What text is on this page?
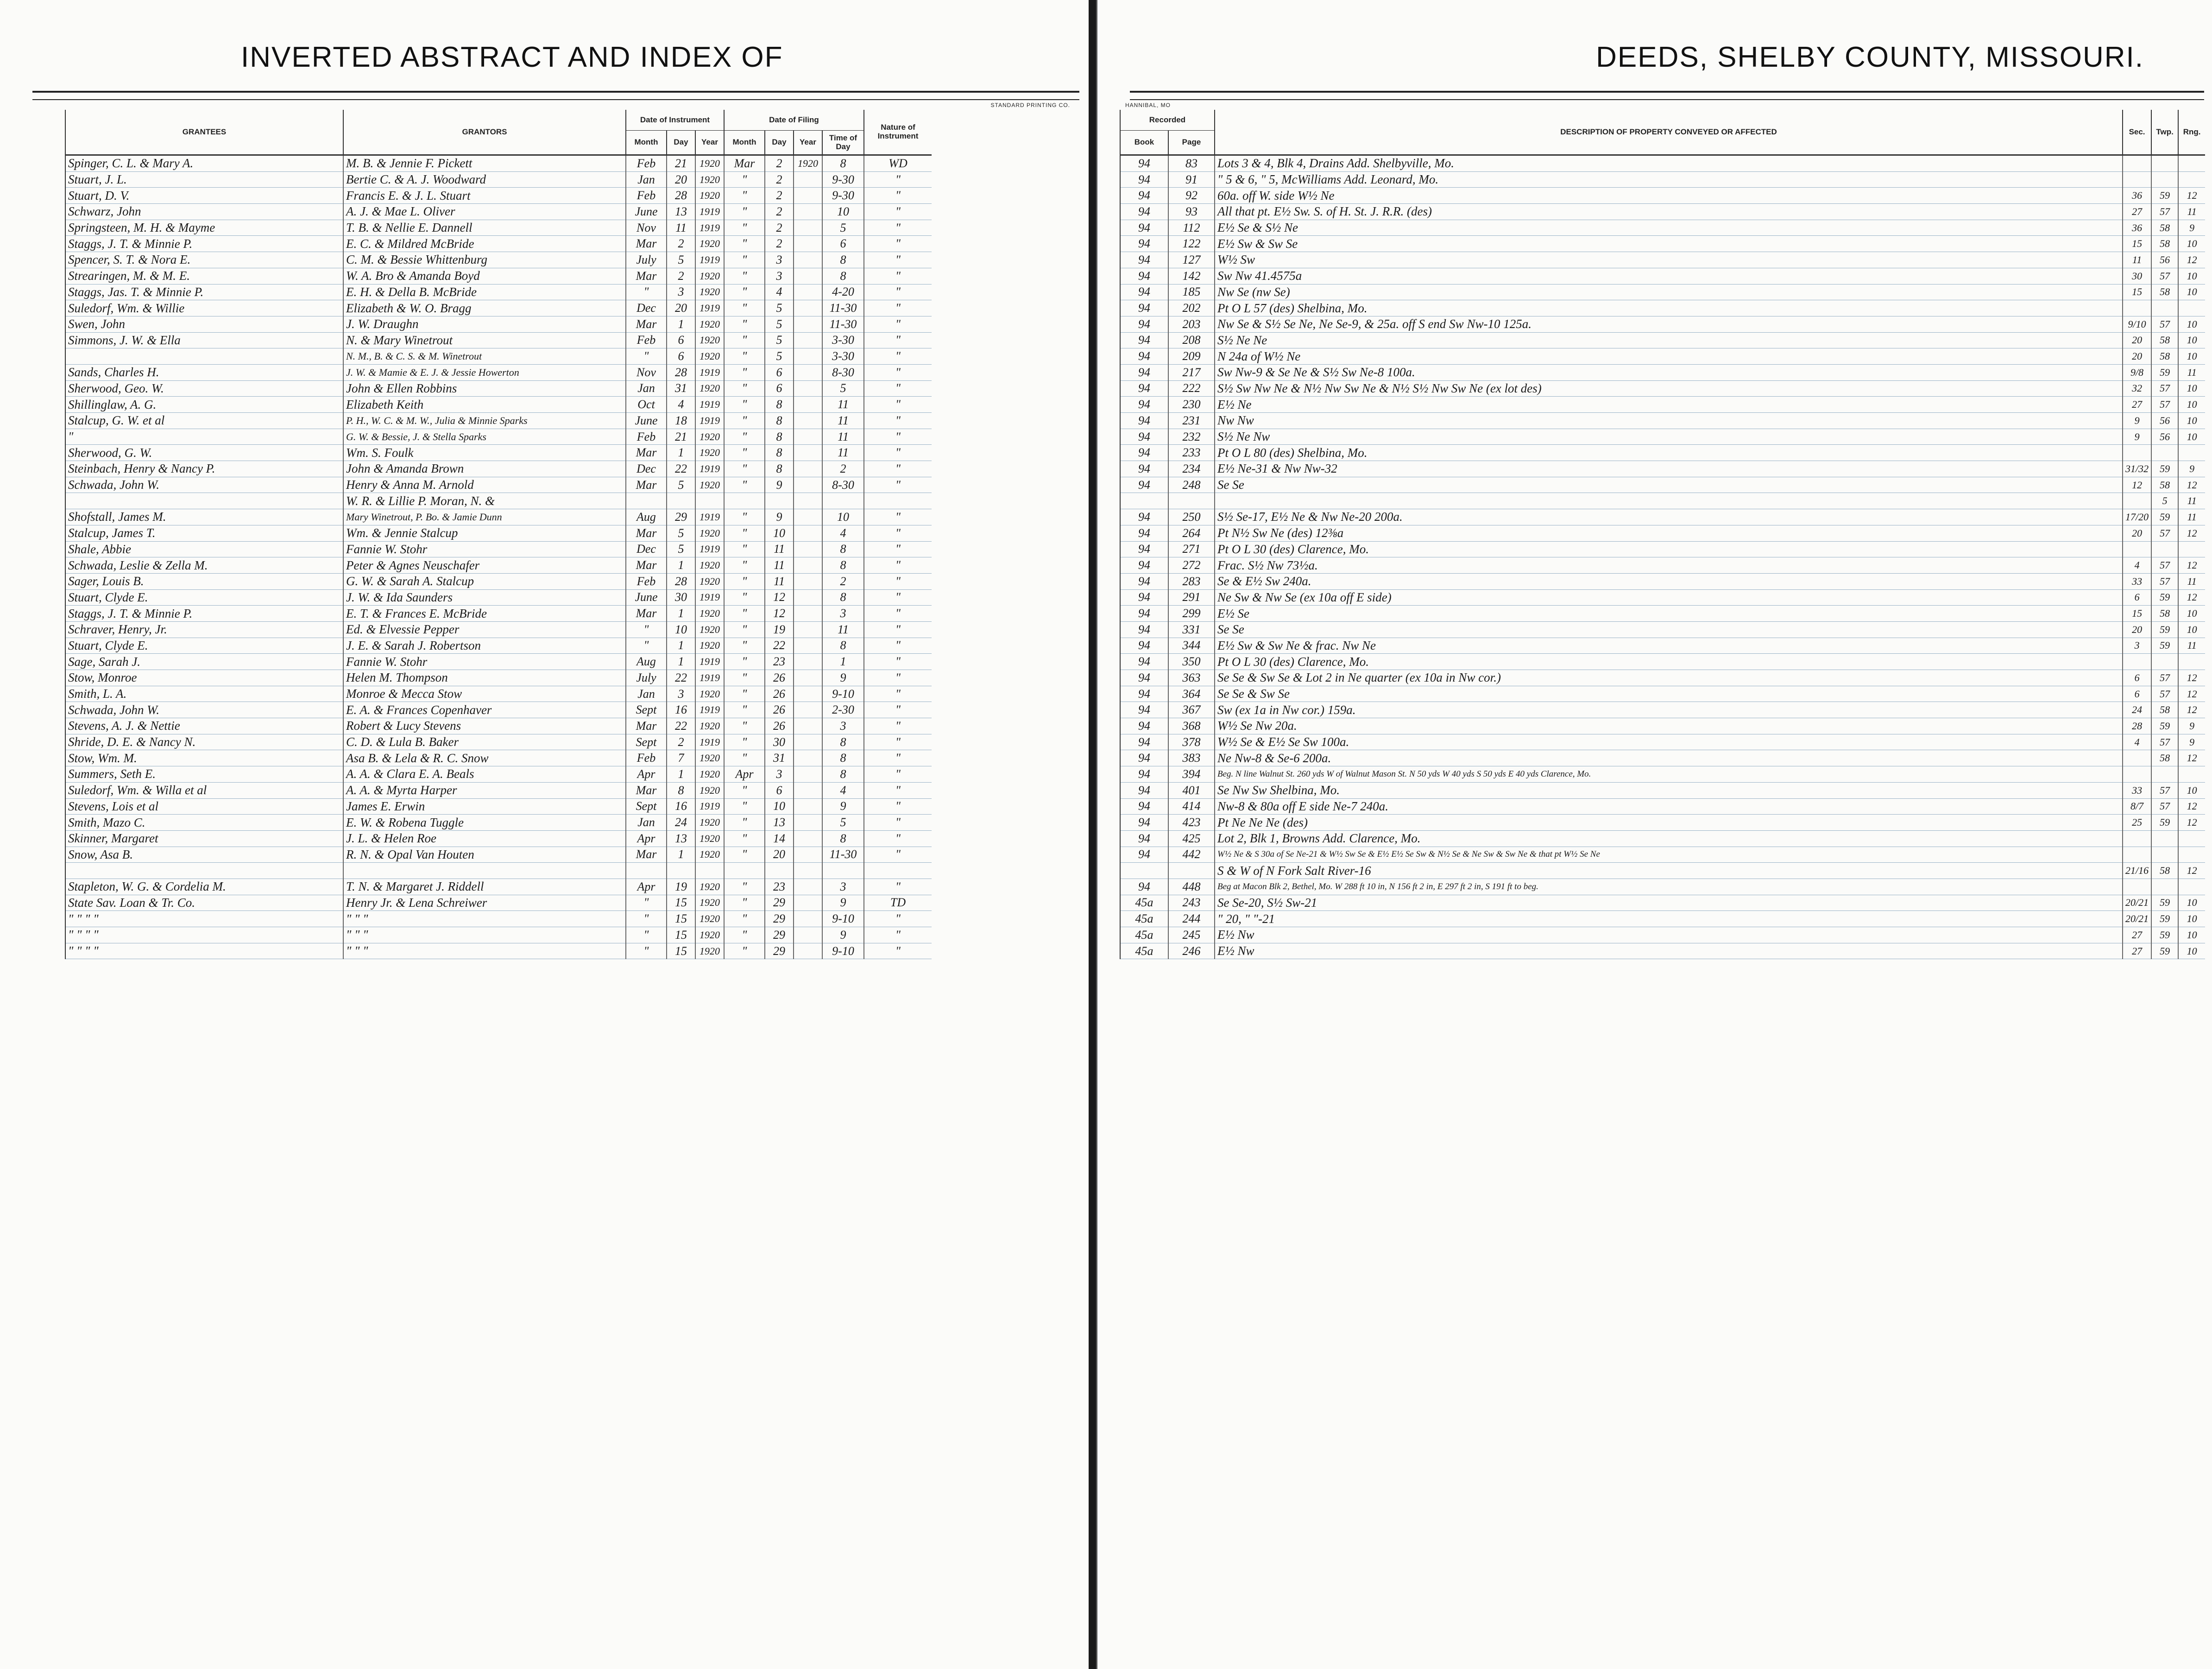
INVERTED ABSTRACT AND INDEX OF
STANDARD PRINTING CO.
GRANTEES	GRANTORS	Date of Instrument			Date of Filing				Nature of Instrument
		Month	Day	Year	Month	Day	Year	Time of Day	
Spinger, C. L. & Mary A.	M. B. & Jennie F. Pickett	Feb	21	1920	Mar	2	1920	8	WD
Stuart, J. L.	Bertie C. & A. J. Woodward	Jan	20	1920	"	2		9-30	"
Stuart, D. V.	Francis E. & J. L. Stuart	Feb	28	1920	"	2		9-30	"
Schwarz, John	A. J. & Mae L. Oliver	June	13	1919	"	2		10	"
Springsteen, M. H. & Mayme	T. B. & Nellie E. Dannell	Nov	11	1919	"	2		5	"
Staggs, J. T. & Minnie P.	E. C. & Mildred McBride	Mar	2	1920	"	2		6	"
Spencer, S. T. & Nora E.	C. M. & Bessie Whittenburg	July	5	1919	"	3		8	"
Strearingen, M. & M. E.	W. A. Bro & Amanda Boyd	Mar	2	1920	"	3		8	"
Staggs, Jas. T. & Minnie P.	E. H. & Della B. McBride	"	3	1920	"	4		4-20	"
Suledorf, Wm. & Willie	Elizabeth & W. O. Bragg	Dec	20	1919	"	5		11-30	"
Swen, John	J. W. Draughn	Mar	1	1920	"	5		11-30	"
Simmons, J. W. & Ella	N. & Mary Winetrout	Feb	6	1920	"	5		3-30	"
	N. M., B. & C. S. & M. Winetrout	"	6	1920	"	5		3-30	"
Sands, Charles H.	J. W. & Mamie & E. J. & Jessie Howerton	Nov	28	1919	"	6		8-30	"
Sherwood, Geo. W.	John & Ellen Robbins	Jan	31	1920	"	6		5	"
Shillinglaw, A. G.	Elizabeth Keith	Oct	4	1919	"	8		11	"
Stalcup, G. W. et al	P. H., W. C. & M. W., Julia & Minnie Sparks	June	18	1919	"	8		11	"
"	G. W. & Bessie, J. & Stella Sparks	Feb	21	1920	"	8		11	"
Sherwood, G. W.	Wm. S. Foulk	Mar	1	1920	"	8		11	"
Steinbach, Henry & Nancy P.	John & Amanda Brown	Dec	22	1919	"	8		2	"
Schwada, John W.	Henry & Anna M. Arnold	Mar	5	1920	"	9		8-30	"
	W. R. & Lillie P. Moran, N. &								
Shofstall, James M.	Mary Winetrout, P. Bo. & Jamie Dunn	Aug	29	1919	"	9		10	"
Stalcup, James T.	Wm. & Jennie Stalcup	Mar	5	1920	"	10		4	"
Shale, Abbie	Fannie W. Stohr	Dec	5	1919	"	11		8	"
Schwada, Leslie & Zella M.	Peter & Agnes Neuschafer	Mar	1	1920	"	11		8	"
Sager, Louis B.	G. W. & Sarah A. Stalcup	Feb	28	1920	"	11		2	"
Stuart, Clyde E.	J. W. & Ida Saunders	June	30	1919	"	12		8	"
Staggs, J. T. & Minnie P.	E. T. & Frances E. McBride	Mar	1	1920	"	12		3	"
Schraver, Henry, Jr.	Ed. & Elvessie Pepper	"	10	1920	"	19		11	"
Stuart, Clyde E.	J. E. & Sarah J. Robertson	"	1	1920	"	22		8	"
Sage, Sarah J.	Fannie W. Stohr	Aug	1	1919	"	23		1	"
Stow, Monroe	Helen M. Thompson	July	22	1919	"	26		9	"
Smith, L. A.	Monroe & Mecca Stow	Jan	3	1920	"	26		9-10	"
Schwada, John W.	E. A. & Frances Copenhaver	Sept	16	1919	"	26		2-30	"
Stevens, A. J. & Nettie	Robert & Lucy Stevens	Mar	22	1920	"	26		3	"
Shride, D. E. & Nancy N.	C. D. & Lula B. Baker	Sept	2	1919	"	30		8	"
Stow, Wm. M.	Asa B. & Lela & R. C. Snow	Feb	7	1920	"	31		8	"
Summers, Seth E.	A. A. & Clara E. A. Beals	Apr	1	1920	Apr	3		8	"
Suledorf, Wm. & Willa et al	A. A. & Myrta Harper	Mar	8	1920	"	6		4	"
Stevens, Lois et al	James E. Erwin	Sept	16	1919	"	10		9	"
Smith, Mazo C.	E. W. & Robena Tuggle	Jan	24	1920	"	13		5	"
Skinner, Margaret	J. L. & Helen Roe	Apr	13	1920	"	14		8	"
Snow, Asa B.	R. N. & Opal Van Houten	Mar	1	1920	"	20		11-30	"

Stapleton, W. G. & Cordelia M.	T. N. & Margaret J. Riddell	Apr	19	1920	"	23		3	"
State Sav. Loan & Tr. Co.	Henry Jr. & Lena Schreiwer	"	15	1920	"	29		9	TD
" " " "	" " "	"	15	1920	"	29		9-10	"
" " " "	" " "	"	15	1920	"	29		9	"
" " " "	" " "	"	15	1920	"	29		9-10	"
DEEDS, SHELBY COUNTY, MISSOURI.
HANNIBAL, MO
Recorded		DESCRIPTION OF PROPERTY CONVEYED OR AFFECTED	Sec.	Twp.	Rng.
Book	Page				
94	83	Lots 3 & 4, Blk 4, Drains Add. Shelbyville, Mo.			
94	91	" 5 & 6, " 5, McWilliams Add. Leonard, Mo.			
94	92	60a. off W. side W½ Ne	36	59	12
94	93	All that pt. E½ Sw. S. of H. St. J. R.R. (des)	27	57	11
94	112	E½ Se & S½ Ne	36	58	9
94	122	E½ Sw & Sw Se	15	58	10
94	127	W½ Sw	11	56	12
94	142	Sw Nw 41.4575a	30	57	10
94	185	Nw Se (nw Se)	15	58	10
94	202	Pt O L 57 (des) Shelbina, Mo.			
94	203	Nw Se & S½ Se Ne, Ne Se-9, & 25a. off S end Sw Nw-10 125a.	9/10	57	10
94	208	S½ Ne Ne	20	58	10
94	209	N 24a of W½ Ne	20	58	10
94	217	Sw Nw-9 & Se Ne & S½ Sw Ne-8 100a.	9/8	59	11
94	222	S½ Sw Nw Ne & N½ Nw Sw Ne & N½ S½ Nw Sw Ne (ex lot des)	32	57	10
94	230	E½ Ne	27	57	10
94	231	Nw Nw	9	56	10
94	232	S½ Ne Nw	9	56	10
94	233	Pt O L 80 (des) Shelbina, Mo.			
94	234	E½ Ne-31 & Nw Nw-32	31/32	59	9
94	248	Se Se	12	58	12
				5	11
94	250	S½ Se-17, E½ Ne & Nw Ne-20 200a.	17/20	59	11
94	264	Pt N½ Sw Ne (des) 12⅜a	20	57	12
94	271	Pt O L 30 (des) Clarence, Mo.			
94	272	Frac. S½ Nw 73½a.	4	57	12
94	283	Se & E½ Sw 240a.	33	57	11
94	291	Ne Sw & Nw Se (ex 10a off E side)	6	59	12
94	299	E½ Se	15	58	10
94	331	Se Se	20	59	10
94	344	E½ Sw & Sw Ne & frac. Nw Ne	3	59	11
94	350	Pt O L 30 (des) Clarence, Mo.			
94	363	Se Se & Sw Se & Lot 2 in Ne quarter (ex 10a in Nw cor.)	6	57	12
94	364	Se Se & Sw Se	6	57	12
94	367	Sw (ex 1a in Nw cor.) 159a.	24	58	12
94	368	W½ Se Nw 20a.	28	59	9
94	378	W½ Se & E½ Se Sw 100a.	4	57	9
94	383	Ne Nw-8 & Se-6 200a.		58	12
94	394	Beg. N line Walnut St. 260 yds W of Walnut Mason St. N 50 yds W 40 yds S 50 yds E 40 yds Clarence, Mo.			
94	401	Se Nw Sw Shelbina, Mo.	33	57	10
94	414	Nw-8 & 80a off E side Ne-7 240a.	8/7	57	12
94	423	Pt Ne Ne Ne (des)	25	59	12
94	425	Lot 2, Blk 1, Browns Add. Clarence, Mo.			
94	442	W½ Ne & S 30a of Se Ne-21 & W½ Sw Se & E½ E½ Se Sw & N½ Se & Ne Sw & Sw Ne & that pt W½ Se Ne			
		S & W of N Fork Salt River-16	21/16	58	12
94	448	Beg at Macon Blk 2, Bethel, Mo. W 288 ft 10 in, N 156 ft 2 in, E 297 ft 2 in, S 191 ft to beg.			
45a	243	Se Se-20, S½ Sw-21	20/21	59	10
45a	244	" 20, " "-21	20/21	59	10
45a	245	E½ Nw	27	59	10
45a	246	E½ Nw	27	59	10
